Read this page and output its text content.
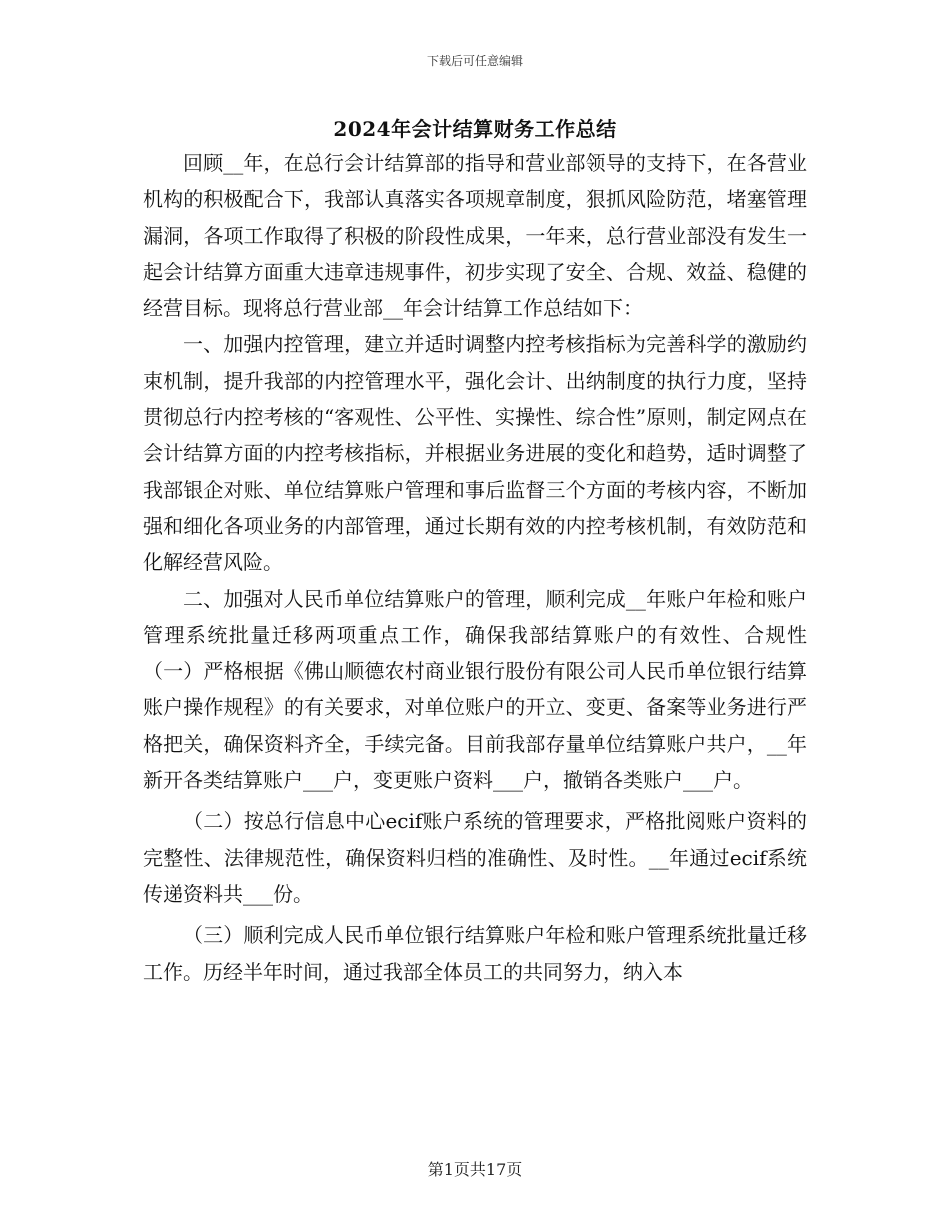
下载后可任意编辑
2024年会计结算财务工作总结

回顾__年，在总行会计结算部的指导和营业部领导的支持下，在各营业机构的积极配合下，我部认真落实各项规章制度，狠抓风险防范，堵塞管理漏洞，各项工作取得了积极的阶段性成果，一年来，总行营业部没有发生一起会计结算方面重大违章违规事件，初步实现了安全、合规、效益、稳健的经营目标。现将总行营业部__年会计结算工作总结如下：

一、加强内控管理，建立并适时调整内控考核指标为完善科学的激励约束机制，提升我部的内控管理水平，强化会计、出纳制度的执行力度，坚持贯彻总行内控考核的“客观性、公平性、实操性、综合性”原则，制定网点在会计结算方面的内控考核指标，并根据业务进展的变化和趋势，适时调整了我部银企对账、单位结算账户管理和事后监督三个方面的考核内容，不断加强和细化各项业务的内部管理，通过长期有效的内控考核机制，有效防范和化解经营风险。

二、加强对人民币单位结算账户的管理，顺利完成__年账户年检和账户管理系统批量迁移两项重点工作，确保我部结算账户的有效性、合规性（一）严格根据《佛山顺德农村商业银行股份有限公司人民币单位银行结算账户操作规程》的有关要求，对单位账户的开立、变更、备案等业务进行严格把关，确保资料齐全，手续完备。目前我部存量单位结算账户共户，__年新开各类结算账户___户，变更账户资料___户，撤销各类账户___户。

（二）按总行信息中心ecif账户系统的管理要求，严格批阅账户资料的完整性、法律规范性，确保资料归档的准确性、及时性。__年通过ecif系统传递资料共___份。

（三）顺利完成人民币单位银行结算账户年检和账户管理系统批量迁移工作。历经半年时间，通过我部全体员工的共同努力，纳入本

第1页共17页
